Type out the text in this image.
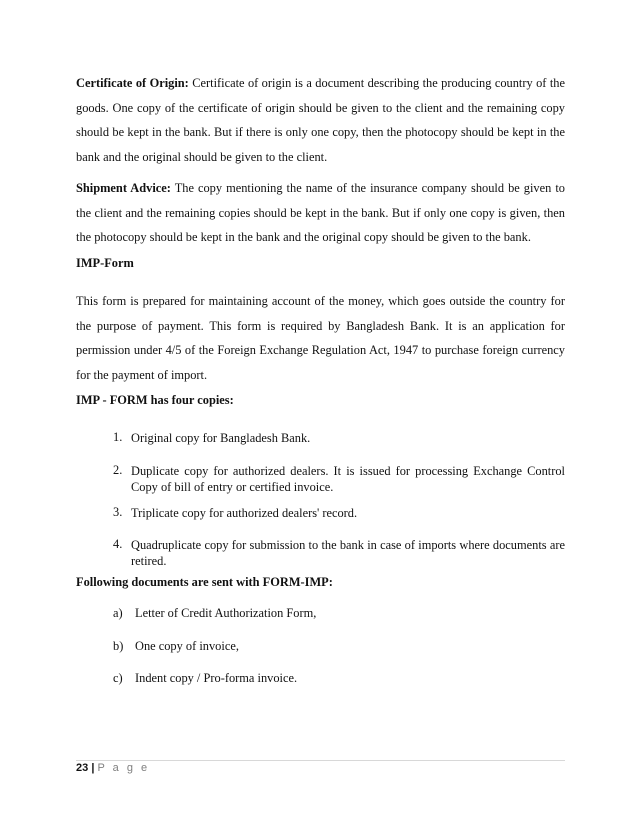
Certificate of Origin: Certificate of origin is a document describing the producing country of the goods. One copy of the certificate of origin should be given to the client and the remaining copy should be kept in the bank. But if there is only one copy, then the photocopy should be kept in the bank and the original should be given to the client.
Shipment Advice: The copy mentioning the name of the insurance company should be given to the client and the remaining copies should be kept in the bank. But if only one copy is given, then the photocopy should be kept in the bank and the original copy should be given to the bank.
IMP-Form
This form is prepared for maintaining account of the money, which goes outside the country for the purpose of payment. This form is required by Bangladesh Bank. It is an application for permission under 4/5 of the Foreign Exchange Regulation Act, 1947 to purchase foreign currency for the payment of import.
IMP - FORM has four copies:
1. Original copy for Bangladesh Bank.
2. Duplicate copy for authorized dealers. It is issued for processing Exchange Control Copy of bill of entry or certified invoice.
3. Triplicate copy for authorized dealers' record.
4. Quadruplicate copy for submission to the bank in case of imports where documents are retired.
Following documents are sent with FORM-IMP:
a) Letter of Credit Authorization Form,
b) One copy of invoice,
c) Indent copy / Pro-forma invoice.
23 | P a g e
